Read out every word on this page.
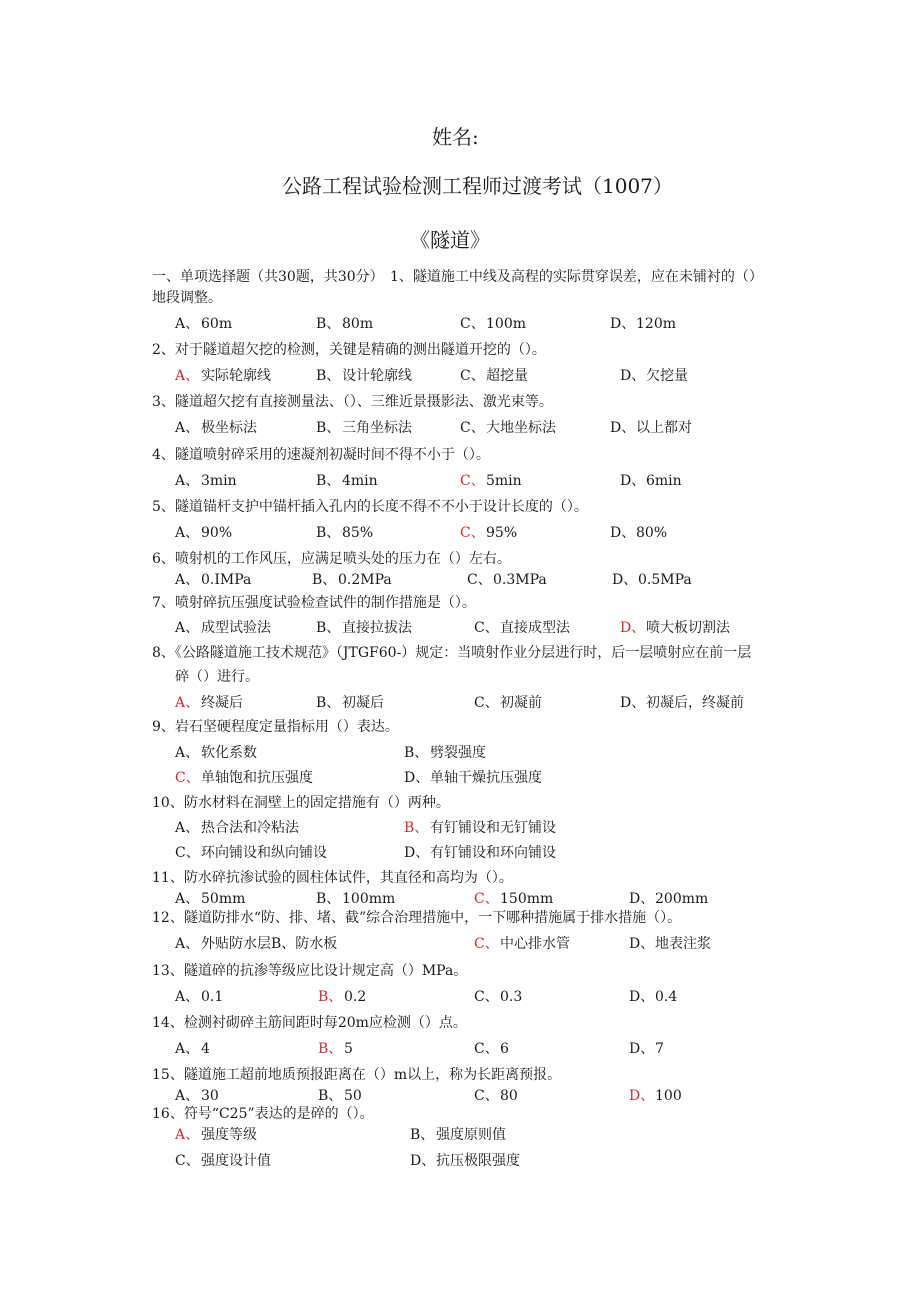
姓名:
公路工程试验检测工程师过渡考试（1007）
《隧道》
一、单项选择题（共30题，共30分） 1、隧道施工中线及高程的实际贯穿误差，应在未铺衬的（）
地段调整。
A、 60m	B、 80m	C、 100m	D、 120m
2、对于隧道超欠挖的检测，关键是精确的测出隧道开挖的（）。
A、 实际轮廓线	B、 设计轮廓线	C、 超挖量	D、 欠挖量
3、隧道超欠挖有直接测量法、（）、三维近景摄影法、激光束等。
A、 极坐标法	B、 三角坐标法	C、 大地坐标法	D、 以上都对
4、隧道喷射碎采用的速凝剂初凝时间不得不小于（）。
A、 3min	B、 4min	C、 5min	D、 6min
5、隧道锚杆支护中锚杆插入孔内的长度不得不不小于设计长度的（）。
A、 90%	B、 85%	C、 95%	D、 80%
6、喷射机的工作风压，应满足喷头处的压力在（）左右。
A、 0.IMPa	B、 0.2MPa	C、 0.3MPa	D、 0.5MPa
7、喷射碎抗压强度试验检查试件的制作措施是（）。
A、 成型试验法	B、 直接拉拔法	C、 直接成型法	D、 喷大板切割法
8、《公路隧道施工技术规范》（JTGF60-）规定：当喷射作业分层进行时，后一层喷射应在前一层
碎（）进行。
A、 终凝后	B、 初凝后	C、 初凝前	D、 初凝后，终凝前
9、岩石坚硬程度定量指标用（）表达。
A、 软化系数	B、 劈裂强度
C、 单轴饱和抗压强度	D、 单轴干燥抗压强度
10、防水材料在洞壁上的固定措施有（）两种。
A、 热合法和冷粘法	B、 有钉铺设和无钉铺设
C、 环向铺设和纵向铺设	D、 有钉铺设和环向铺设
11、防水碎抗渗试验的圆柱体试件，其直径和高均为（）。
A、 50mm	B、 100mm	C、 150mm	D、 200mm
12、隧道防排水“防、排、堵、截”综合治理措施中，一下哪种措施属于排水措施（）。
A、 外贴防水层B、防水板	C、 中心排水管	D、 地表注浆
13、隧道碎的抗渗等级应比设计规定高（）MPa。
A、 0.1	B、 0.2	C、 0.3	D、 0.4
14、检测衬砌碎主筋间距时每20m应检测（）点。
A、 4	B、 5	C、 6	D、 7
15、隧道施工超前地质预报距离在（）m以上，称为长距离预报。
A、 30	B、 50	C、 80	D、 100
16、符号“C25”表达的是碎的（）。
A、 强度等级	B、 强度原则值
C、 强度设计值	D、 抗压极限强度
